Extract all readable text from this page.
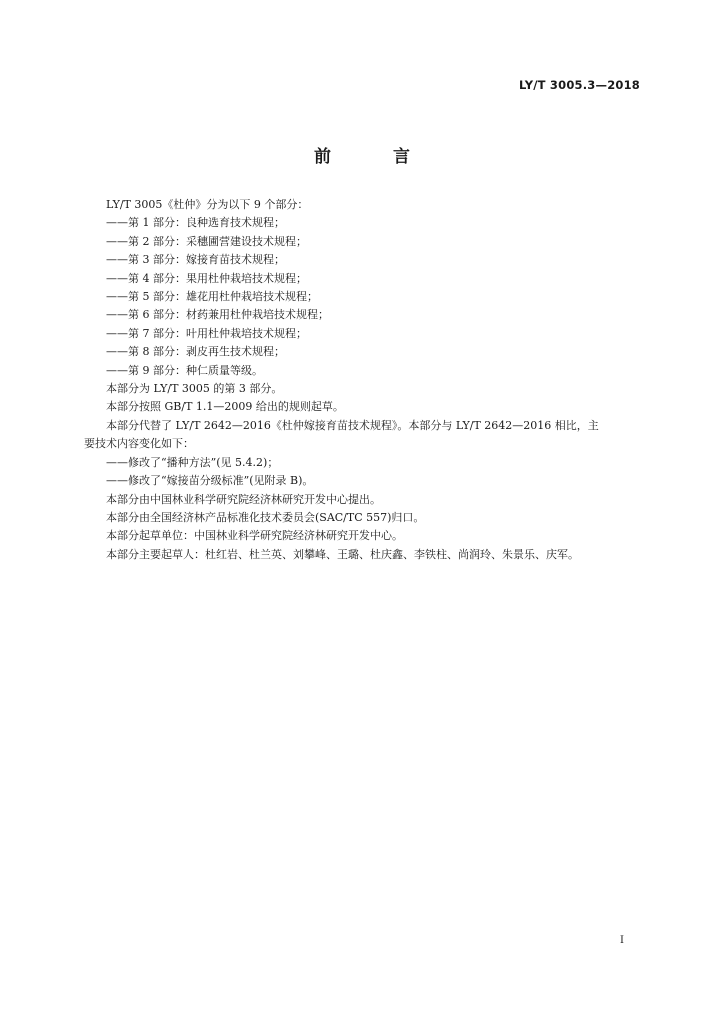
LY/T 3005.3—2018
前 言
LY/T 3005《杜仲》分为以下 9 个部分：
——第 1 部分：良种选育技术规程；
——第 2 部分：采穗圃营建设技术规程；
——第 3 部分：嫁接育苗技术规程；
——第 4 部分：果用杜仲栽培技术规程；
——第 5 部分：雄花用杜仲栽培技术规程；
——第 6 部分：材药兼用杜仲栽培技术规程；
——第 7 部分：叶用杜仲栽培技术规程；
——第 8 部分：剥皮再生技术规程；
——第 9 部分：种仁质量等级。
本部分为 LY/T 3005 的第 3 部分。
本部分按照 GB/T 1.1—2009 给出的规则起草。
本部分代替了 LY/T 2642—2016《杜仲嫁接育苗技术规程》。本部分与 LY/T 2642—2016 相比，主
要技术内容变化如下：
——修改了“播种方法”(见 5.4.2)；
——修改了“嫁接苗分级标准”(见附录 B)。
本部分由中国林业科学研究院经济林研究开发中心提出。
本部分由全国经济林产品标准化技术委员会(SAC/TC 557)归口。
本部分起草单位：中国林业科学研究院经济林研究开发中心。
本部分主要起草人：杜红岩、杜兰英、刘攀峰、王璐、杜庆鑫、李铁柱、尚润玲、朱景乐、庆军。
I
